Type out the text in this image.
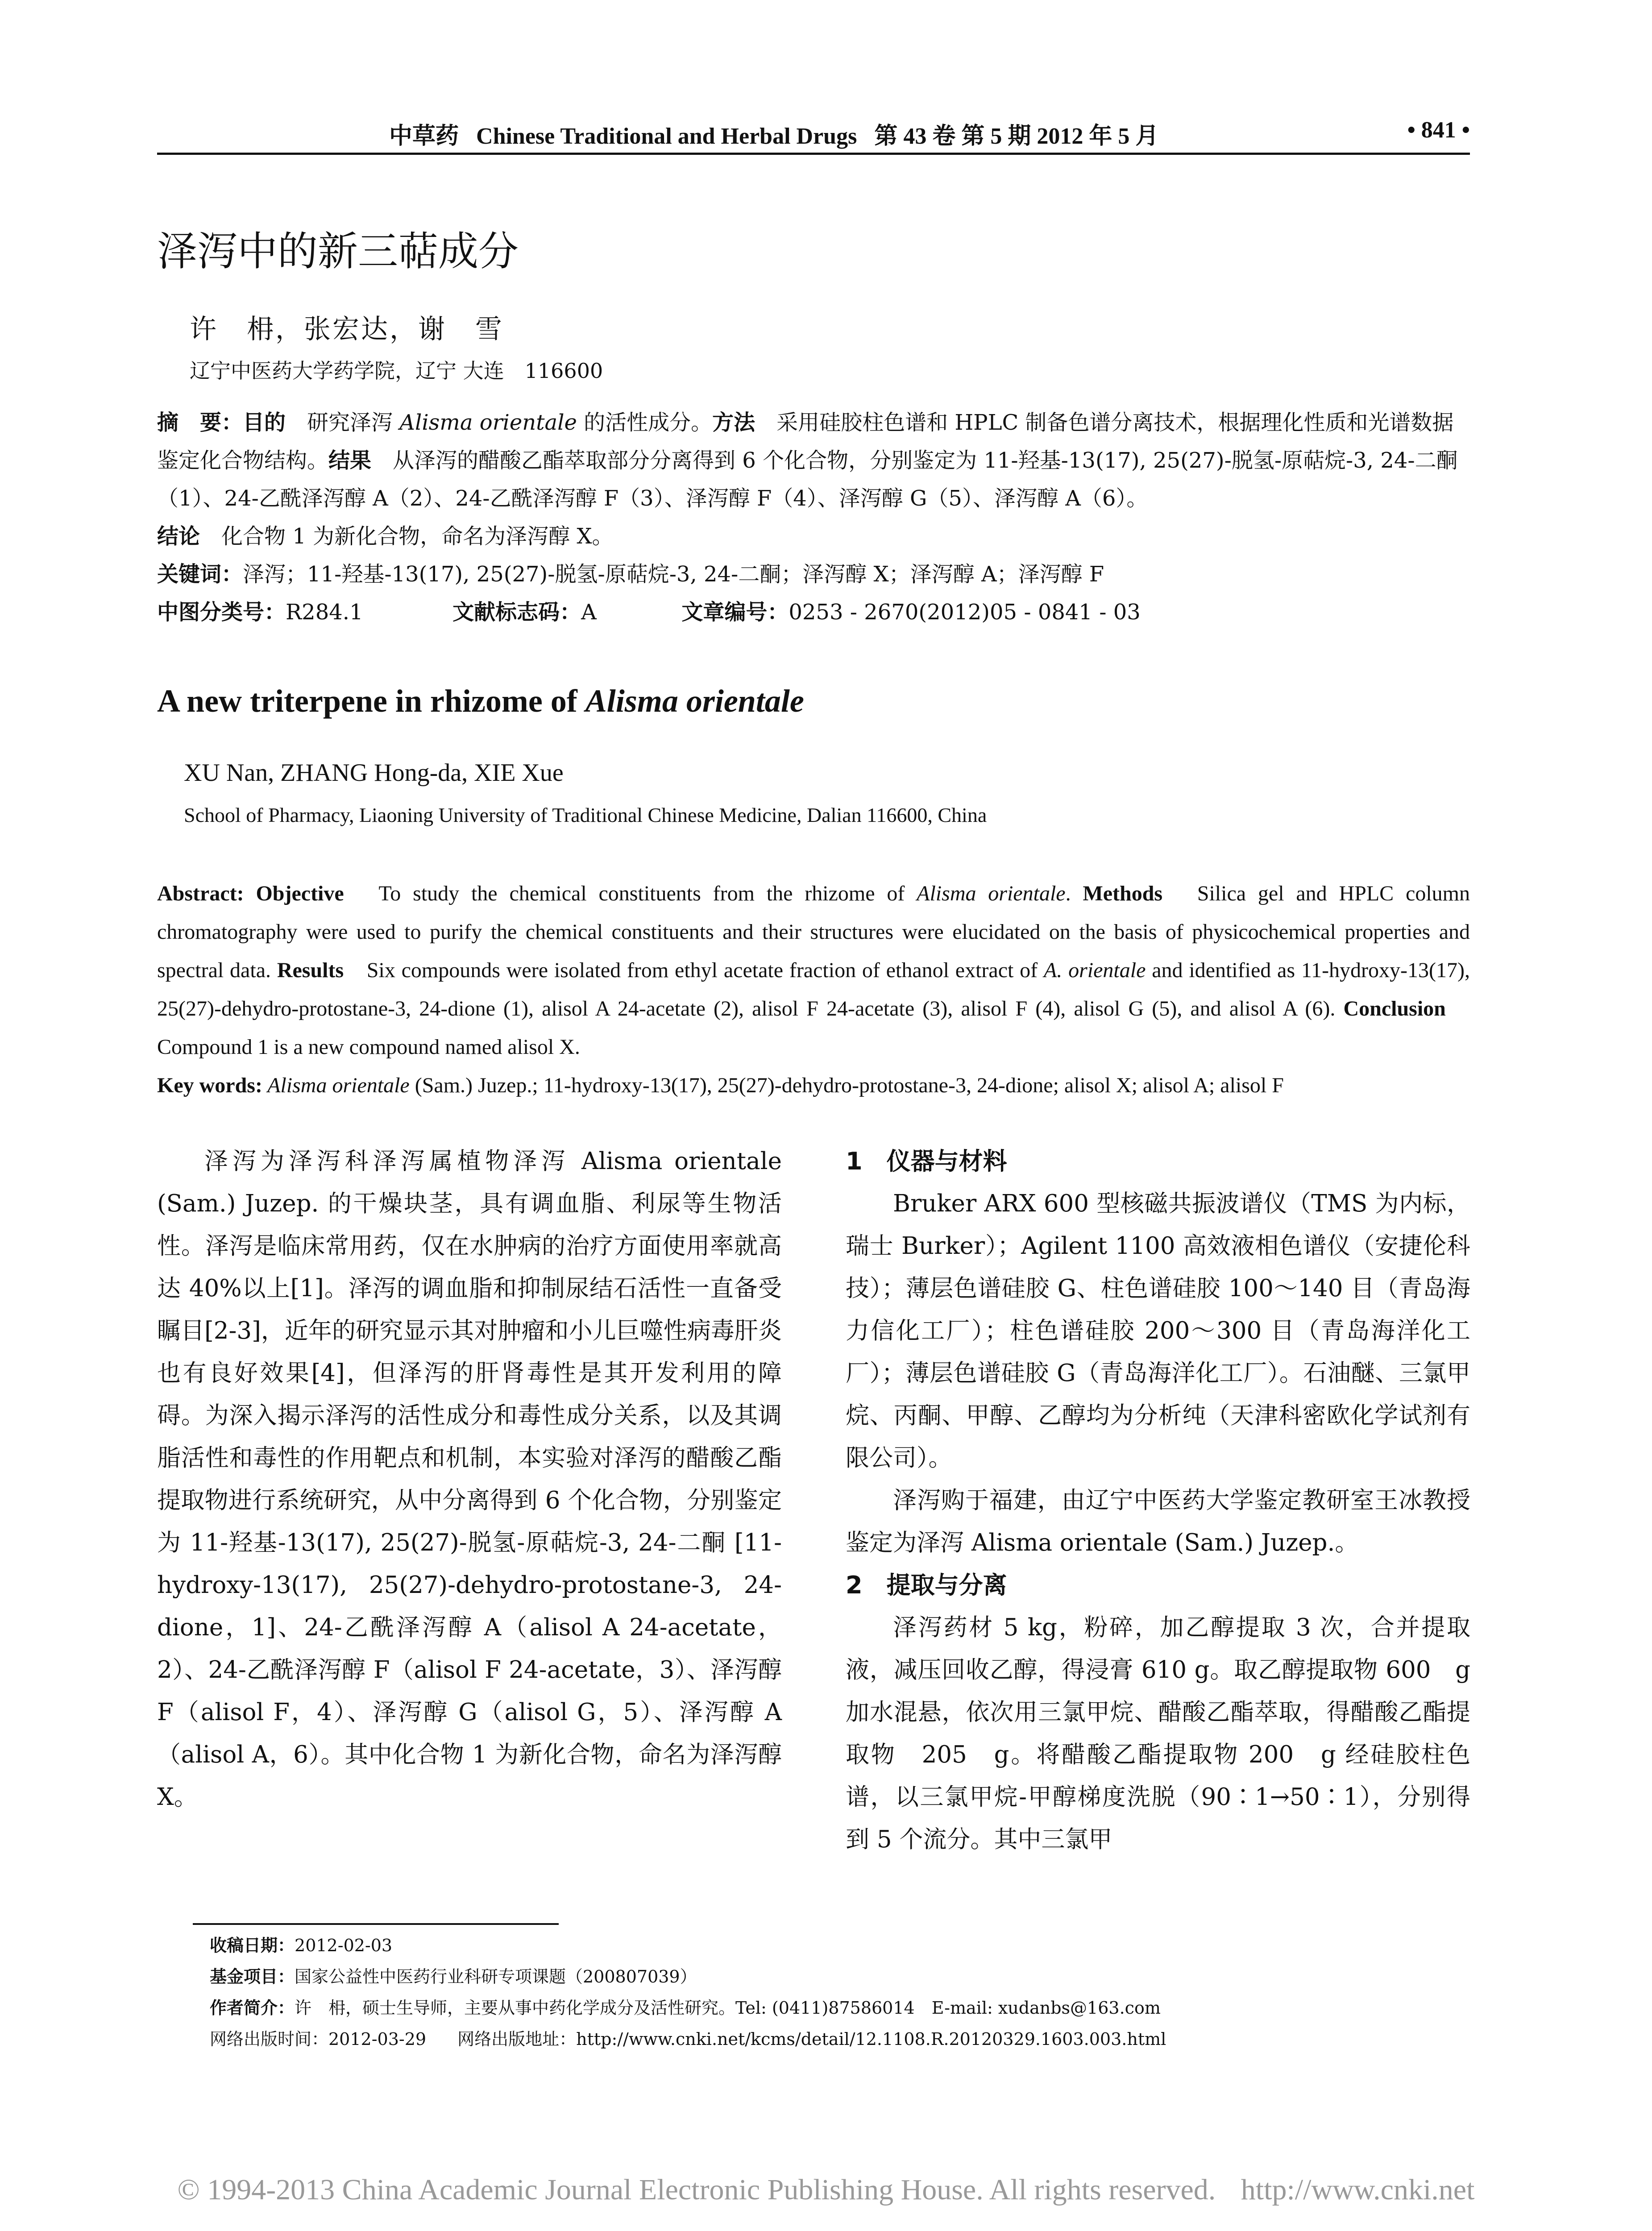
中草药 Chinese Traditional and Herbal Drugs 第 43 卷 第 5 期 2012 年 5 月	• 841 •
泽泻中的新三萜成分
许　枏，张宏达，谢　雪
辽宁中医药大学药学院，辽宁 大连　116600
摘　要：目的　研究泽泻 Alisma orientale 的活性成分。方法　采用硅胶柱色谱和 HPLC 制备色谱分离技术，根据理化性质和光谱数据鉴定化合物结构。结果　从泽泻的醋酸乙酯萃取部分分离得到 6 个化合物，分别鉴定为 11-羟基-13(17), 25(27)-脱氢-原萜烷-3, 24-二酮（1）、24-乙酰泽泻醇 A（2）、24-乙酰泽泻醇 F（3）、泽泻醇 F（4）、泽泻醇 G（5）、泽泻醇 A（6）。
结论　化合物 1 为新化合物，命名为泽泻醇 X。
关键词：泽泻；11-羟基-13(17), 25(27)-脱氢-原萜烷-3, 24-二酮；泽泻醇 X；泽泻醇 A；泽泻醇 F
中图分类号：R284.1	文献标志码：A	文章编号：0253 - 2670(2012)05 - 0841 - 03
A new triterpene in rhizome of Alisma orientale
XU Nan, ZHANG Hong-da, XIE Xue
School of Pharmacy, Liaoning University of Traditional Chinese Medicine, Dalian 116600, China
Abstract: Objective　To study the chemical constituents from the rhizome of Alisma orientale. Methods　Silica gel and HPLC column chromatography were used to purify the chemical constituents and their structures were elucidated on the basis of physicochemical properties and spectral data. Results　Six compounds were isolated from ethyl acetate fraction of ethanol extract of A. orientale and identified as 11-hydroxy-13(17), 25(27)-dehydro-protostane-3, 24-dione (1), alisol A 24-acetate (2), alisol F 24-acetate (3), alisol F (4), alisol G (5), and alisol A (6). Conclusion　Compound 1 is a new compound named alisol X.
Key words: Alisma orientale (Sam.) Juzep.; 11-hydroxy-13(17), 25(27)-dehydro-protostane-3, 24-dione; alisol X; alisol A; alisol F

泽泻为泽泻科泽泻属植物泽泻 Alisma orientale (Sam.) Juzep. 的干燥块茎，具有调血脂、利尿等生物活性。泽泻是临床常用药，仅在水肿病的治疗方面使用率就高达 40%以上[1]。泽泻的调血脂和抑制尿结石活性一直备受瞩目[2-3]，近年的研究显示其对肿瘤和小儿巨噬性病毒肝炎也有良好效果[4]，但泽泻的肝肾毒性是其开发利用的障碍。为深入揭示泽泻的活性成分和毒性成分关系，以及其调脂活性和毒性的作用靶点和机制，本实验对泽泻的醋酸乙酯提取物进行系统研究，从中分离得到 6 个化合物，分别鉴定为 11-羟基-13(17), 25(27)-脱氢-原萜烷-3, 24-二酮 [11-hydroxy-13(17), 25(27)-dehydro-protostane-3, 24-dione，1]、24-乙酰泽泻醇 A（alisol A 24-acetate，2）、24-乙酰泽泻醇 F（alisol F 24-acetate，3）、泽泻醇 F（alisol F，4）、泽泻醇 G（alisol G，5）、泽泻醇 A（alisol A，6）。其中化合物 1 为新化合物，命名为泽泻醇 X。

1　仪器与材料

Bruker ARX 600 型核磁共振波谱仪（TMS 为内标，瑞士 Burker）；Agilent 1100 高效液相色谱仪（安捷伦科技）；薄层色谱硅胶 G、柱色谱硅胶 100～140 目（青岛海力信化工厂）；柱色谱硅胶 200～300 目（青岛海洋化工厂）；薄层色谱硅胶 G（青岛海洋化工厂）。石油醚、三氯甲烷、丙酮、甲醇、乙醇均为分析纯（天津科密欧化学试剂有限公司）。

泽泻购于福建，由辽宁中医药大学鉴定教研室王冰教授鉴定为泽泻 Alisma orientale (Sam.) Juzep.。

2　提取与分离

泽泻药材 5 kg，粉碎，加乙醇提取 3 次，合并提取液，减压回收乙醇，得浸膏 610 g。取乙醇提取物 600　g 加水混悬，依次用三氯甲烷、醋酸乙酯萃取，得醋酸乙酯提取物　205　g。将醋酸乙酯提取物 200　g 经硅胶柱色谱，以三氯甲烷-甲醇梯度洗脱（90∶1→50∶1），分别得到 5 个流分。其中三氯甲

收稿日期：2012-02-03
基金项目：国家公益性中医药行业科研专项课题（200807039）
作者简介：许　枏，硕士生导师，主要从事中药化学成分及活性研究。Tel: (0411)87586014　E-mail: xudanbs@163.com
网络出版时间：2012-03-29 网络出版地址：http://www.cnki.net/kcms/detail/12.1108.R.20120329.1603.003.html
© 1994-2013 China Academic Journal Electronic Publishing House. All rights reserved. http://www.cnki.net
